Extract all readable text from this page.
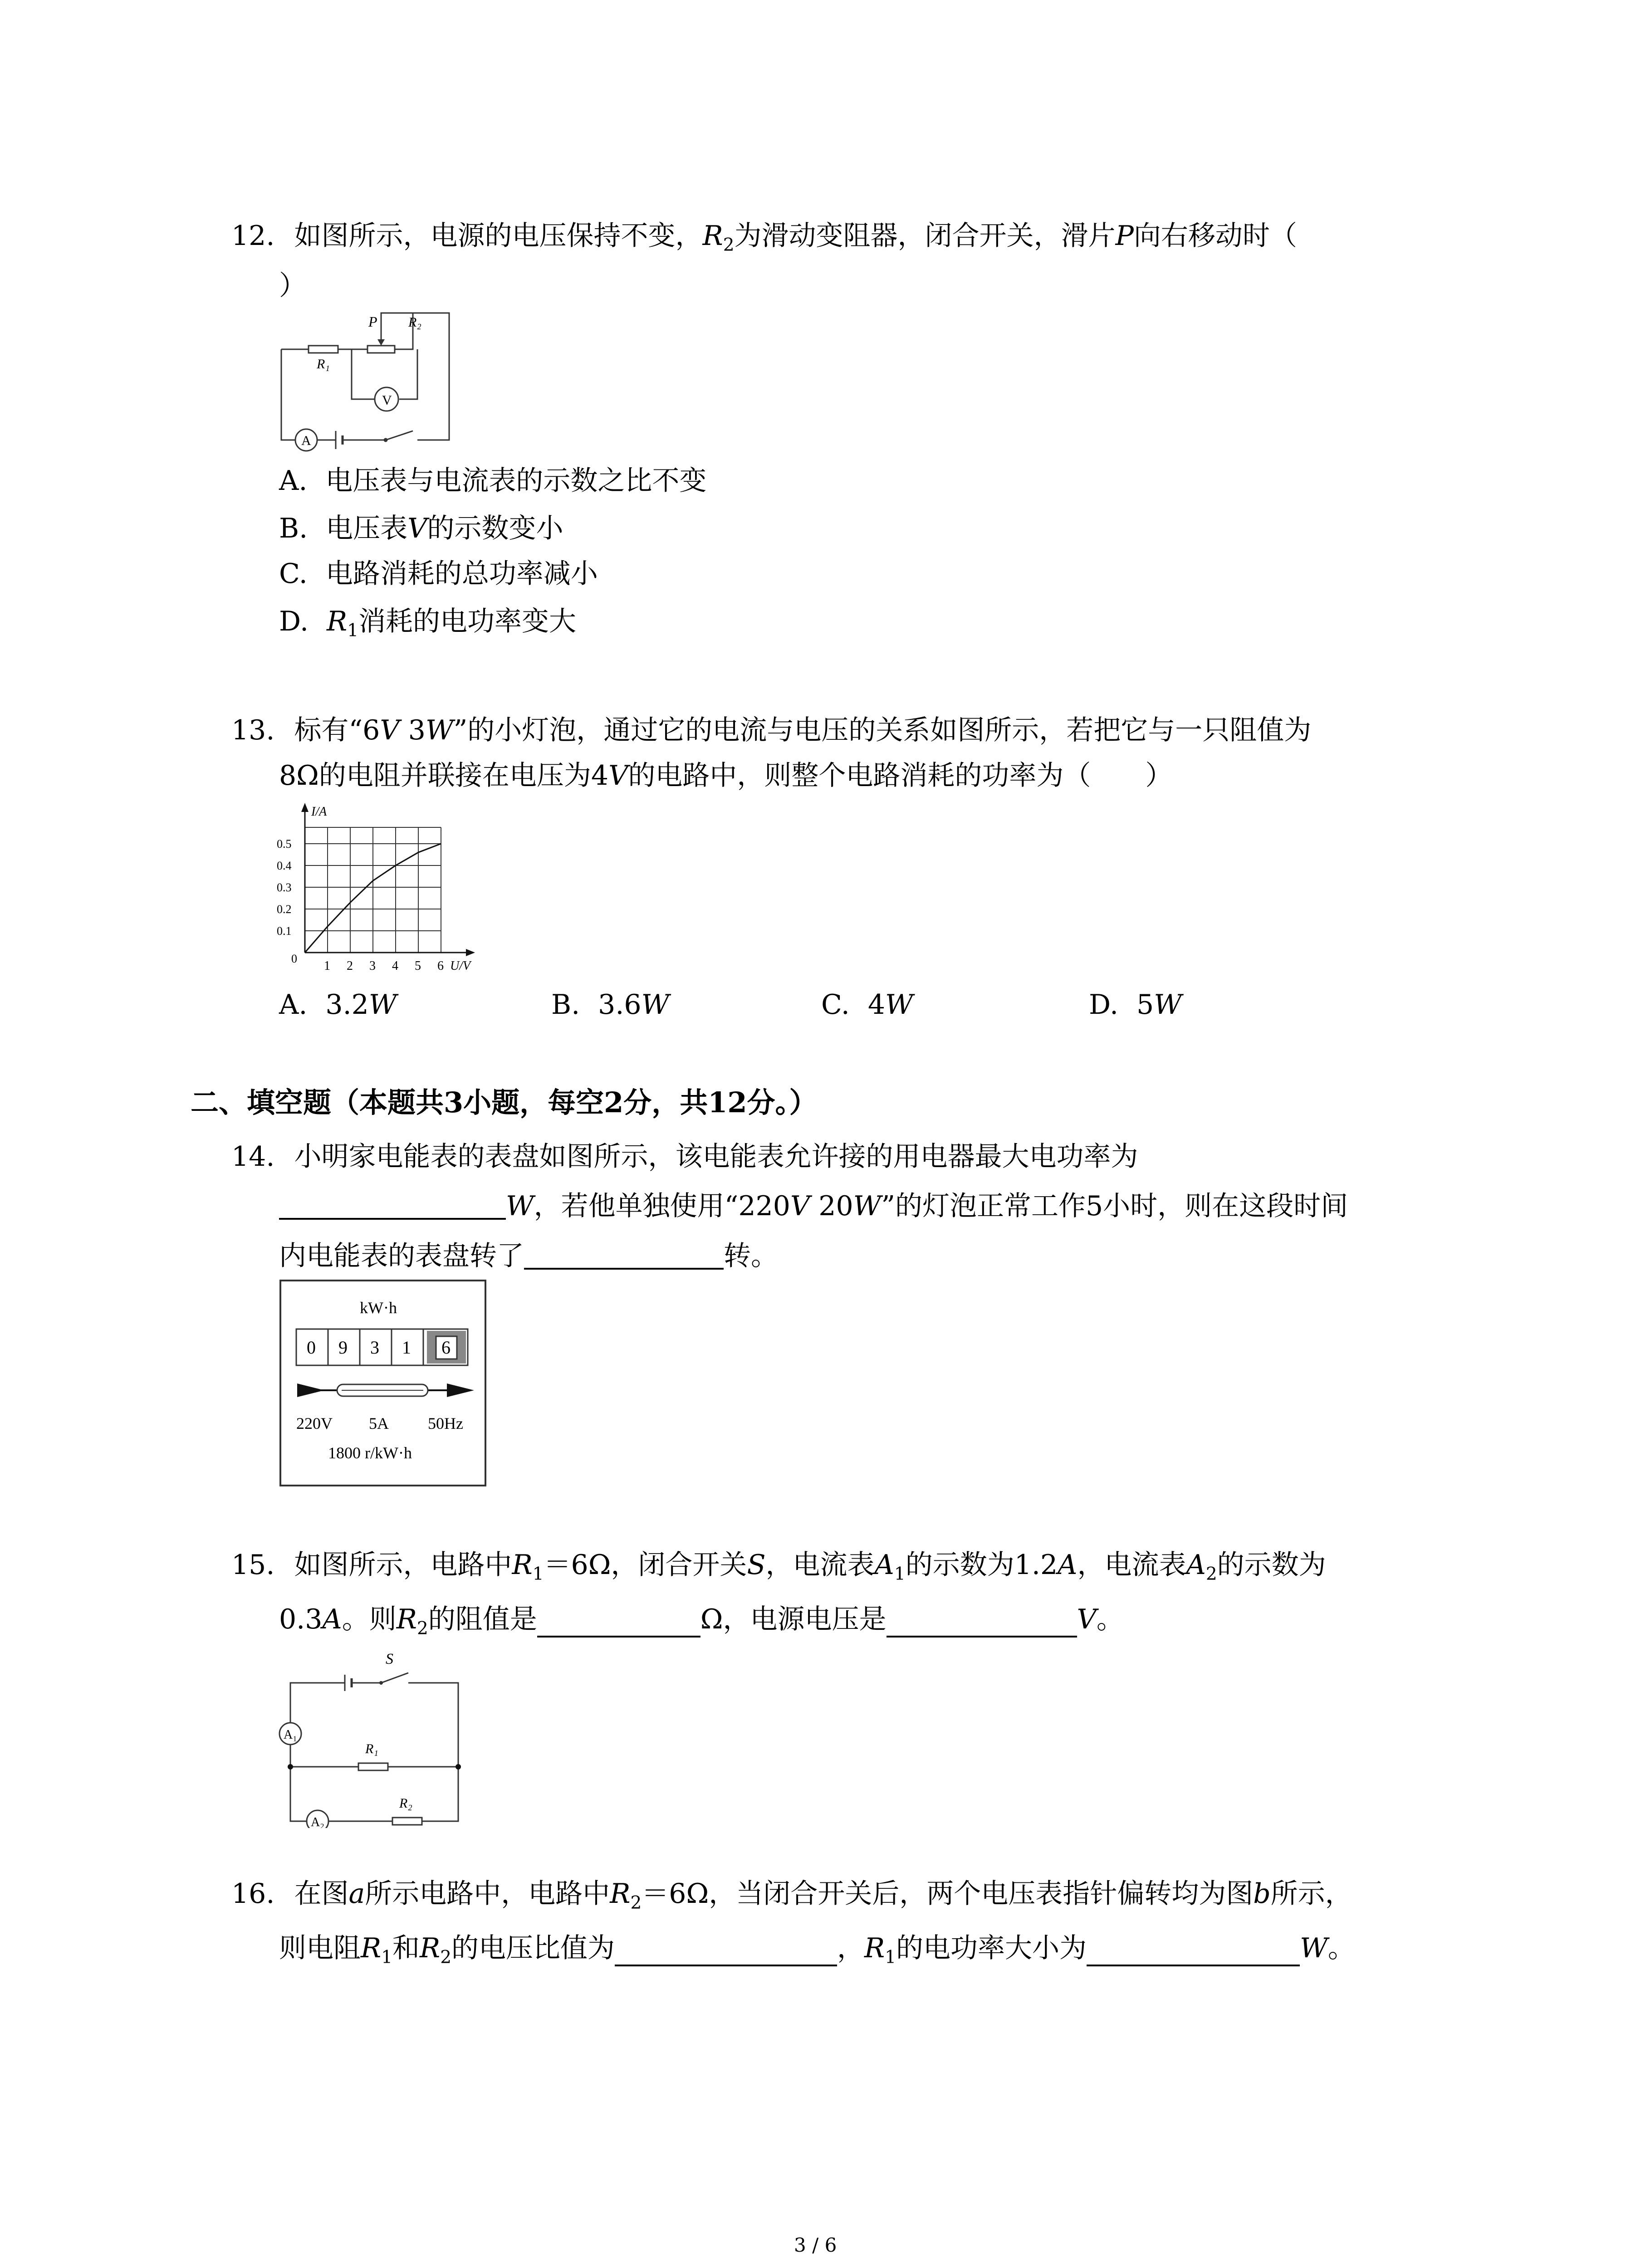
12. 如图所示，电源的电压保持不变，$R_2$为滑动变阻器，闭合开关，滑片P向右移动时（
）
P R₂
R₁
V
A
A. 电压表与电流表的示数之比不变
B. 电压表V的示数变小
C. 电路消耗的总功率减小
D. $R_1$消耗的电功率变大
13. 标有“6V 3W”的小灯泡，通过它的电流与电压的关系如图所示，若把它与一只阻值为
8Ω的电阻并联接在电压为4V的电路中，则整个电路消耗的功率为（　　）
1 2 3 4 5 6
0.1
0.2
0.3
0.4
0.5
0
U/V
I/A
A. 3.2W	B. 3.6W	C. 4W	D. 5W
二、填空题（本题共3小题，每空2分，共12分。）
14. 小明家电能表的表盘如图所示，该电能表允许接的用电器最大电功率为
W，若他单独使用“220V 20W”的灯泡正常工作5小时，则在这段时间
内电能表的表盘转了	转。
kW·h
0 9 3 1 6
220V 5A 50Hz
1800 r/kW·h
15. 如图所示，电路中$R_1=6\Omega$，闭合开关S，电流表$A_1$的示数为1.2A，电流表$A_2$的示数为
0.3A。则$R_2$的阻值是	Ω，电源电压是	V。
S
A₁
R₁
A₂
R₂
16. 在图a所示电路中，电路中$R_2=6\Omega$，当闭合开关后，两个电压表指针偏转均为图b所示，
则电阻$R_1$和$R_2$的电压比值为	，$R_1$的电功率大小为	W。
3 / 6
